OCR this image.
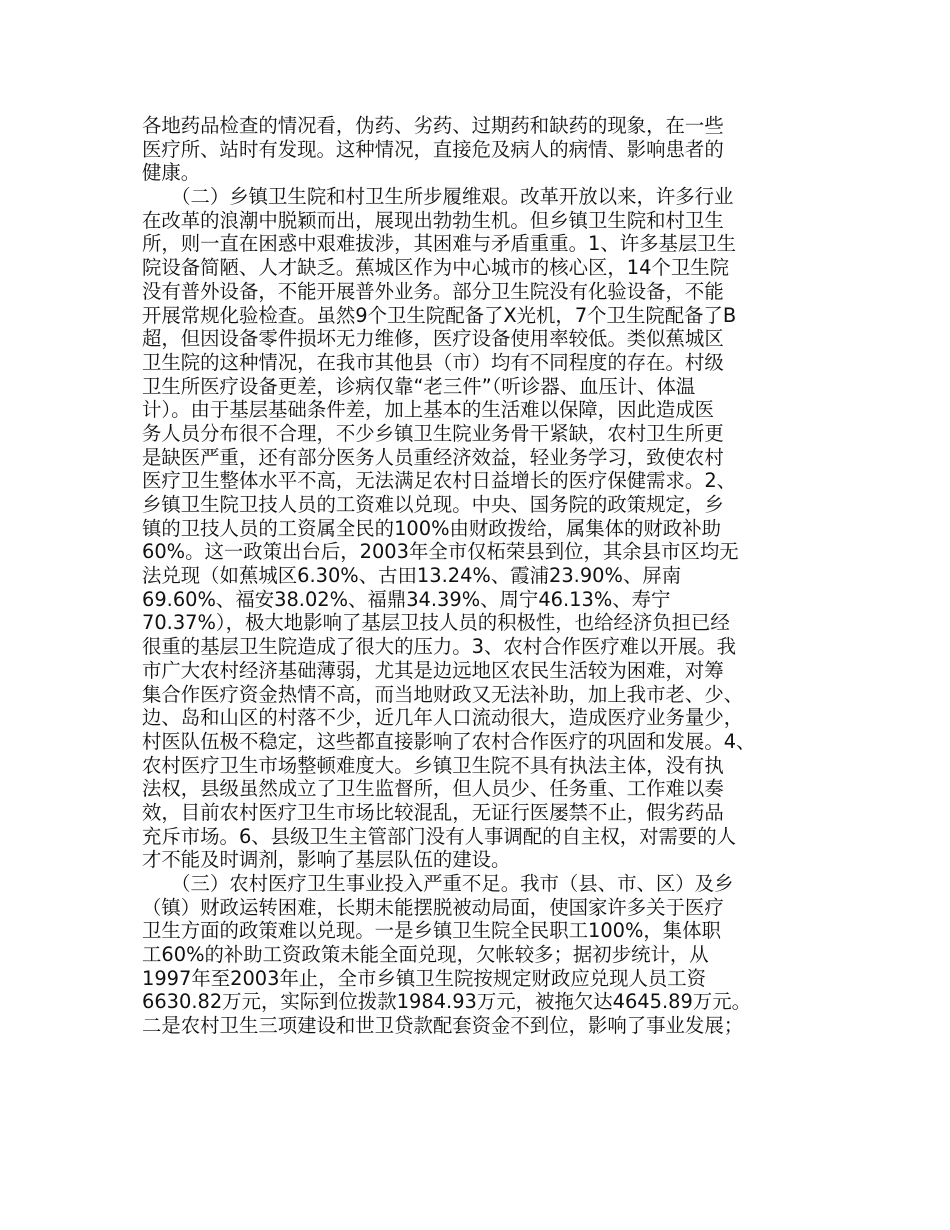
各地药品检查的情况看，伪药、劣药、过期药和缺药的现象，在一些
医疗所、站时有发现。这种情况，直接危及病人的病情、影响患者的
健康。
　　（二）乡镇卫生院和村卫生所步履维艰。改革开放以来，许多行业
在改革的浪潮中脱颖而出，展现出勃勃生机。但乡镇卫生院和村卫生
所，则一直在困惑中艰难拔涉，其困难与矛盾重重。1、许多基层卫生
院设备简陋、人才缺乏。蕉城区作为中心城市的核心区，14个卫生院
没有普外设备，不能开展普外业务。部分卫生院没有化验设备，不能
开展常规化验检查。虽然9个卫生院配备了X光机，7个卫生院配备了B
超，但因设备零件损坏无力维修，医疗设备使用率较低。类似蕉城区
卫生院的这种情况，在我市其他县（市）均有不同程度的存在。村级
卫生所医疗设备更差，诊病仅靠“老三件”（听诊器、血压计、体温
计）。由于基层基础条件差，加上基本的生活难以保障，因此造成医
务人员分布很不合理，不少乡镇卫生院业务骨干紧缺，农村卫生所更
是缺医严重，还有部分医务人员重经济效益，轻业务学习，致使农村
医疗卫生整体水平不高，无法满足农村日益增长的医疗保健需求。2、
乡镇卫生院卫技人员的工资难以兑现。中央、国务院的政策规定，乡
镇的卫技人员的工资属全民的100%由财政拨给，属集体的财政补助
60%。这一政策出台后，2003年全市仅柘荣县到位，其余县市区均无
法兑现（如蕉城区6.30%、古田13.24%、霞浦23.90%、屏南
69.60%、福安38.02%、福鼎34.39%、周宁46.13%、寿宁
70.37%），极大地影响了基层卫技人员的积极性，也给经济负担已经
很重的基层卫生院造成了很大的压力。3、农村合作医疗难以开展。我
市广大农村经济基础薄弱，尤其是边远地区农民生活较为困难，对筹
集合作医疗资金热情不高，而当地财政又无法补助，加上我市老、少、
边、岛和山区的村落不少，近几年人口流动很大，造成医疗业务量少，
村医队伍极不稳定，这些都直接影响了农村合作医疗的巩固和发展。4、
农村医疗卫生市场整顿难度大。乡镇卫生院不具有执法主体，没有执
法权，县级虽然成立了卫生监督所，但人员少、任务重、工作难以奏
效，目前农村医疗卫生市场比较混乱，无证行医屡禁不止，假劣药品
充斥市场。6、县级卫生主管部门没有人事调配的自主权，对需要的人
才不能及时调剂，影响了基层队伍的建设。
　　（三）农村医疗卫生事业投入严重不足。我市（县、市、区）及乡
（镇）财政运转困难，长期未能摆脱被动局面，使国家许多关于医疗
卫生方面的政策难以兑现。一是乡镇卫生院全民职工100%，集体职
工60%的补助工资政策未能全面兑现，欠帐较多；据初步统计，从
1997年至2003年止，全市乡镇卫生院按规定财政应兑现人员工资
6630.82万元，实际到位拨款1984.93万元，被拖欠达4645.89万元。
二是农村卫生三项建设和世卫贷款配套资金不到位，影响了事业发展；
